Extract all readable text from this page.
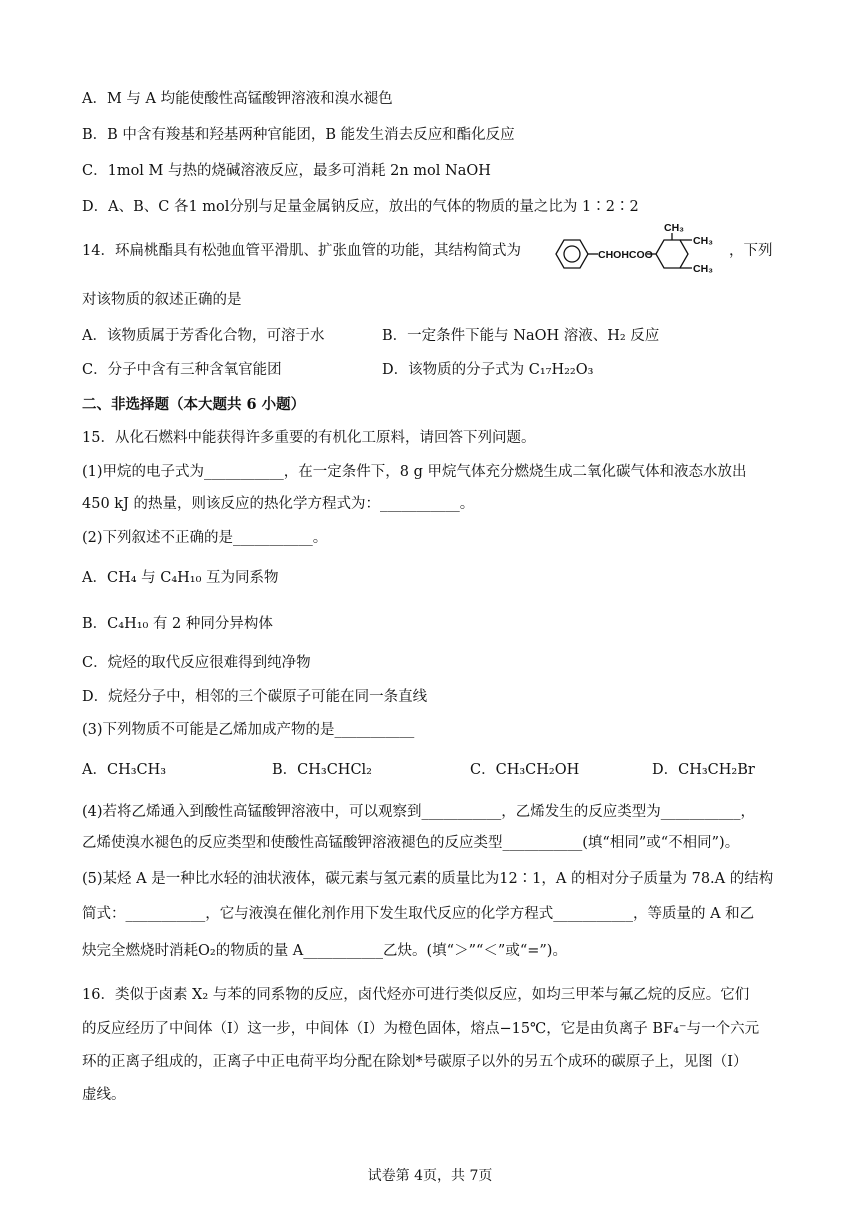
A．M 与 A 均能使酸性高锰酸钾溶液和溴水褪色
B．B 中含有羧基和羟基两种官能团，B 能发生消去反应和酯化反应
C．1mol M 与热的烧碱溶液反应，最多可消耗 2n mol NaOH
D．A、B、C 各1 mol分别与足量金属钠反应，放出的气体的物质的量之比为 1∶2∶2
14．环扁桃酯具有松弛血管平滑肌、扩张血管的功能，其结构简式为	CHOHCOO
CH₃
CH₃
CH₃
，下列
对该物质的叙述正确的是
A．该物质属于芳香化合物，可溶于水	B．一定条件下能与 NaOH 溶液、H₂ 反应
C．分子中含有三种含氧官能团	D．该物质的分子式为 C₁₇H₂₂O₃
二、非选择题（本大题共 6 小题）
15．从化石燃料中能获得许多重要的有机化工原料，请回答下列问题。
(1)甲烷的电子式为___________，在一定条件下，8 g 甲烷气体充分燃烧生成二氧化碳气体和液态水放出
450 kJ 的热量，则该反应的热化学方程式为：___________。
(2)下列叙述不正确的是___________。
A．CH₄ 与 C₄H₁₀ 互为同系物
B．C₄H₁₀ 有 2 种同分异构体
C．烷烃的取代反应很难得到纯净物
D．烷烃分子中，相邻的三个碳原子可能在同一条直线
(3)下列物质不可能是乙烯加成产物的是___________
A．CH₃CH₃	B．CH₃CHCl₂	C．CH₃CH₂OH	D．CH₃CH₂Br
(4)若将乙烯通入到酸性高锰酸钾溶液中，可以观察到___________，乙烯发生的反应类型为___________，
乙烯使溴水褪色的反应类型和使酸性高锰酸钾溶液褪色的反应类型___________(填“相同”或“不相同”)。
(5)某烃 A 是一种比水轻的油状液体，碳元素与氢元素的质量比为12∶1，A 的相对分子质量为 78.A 的结构
简式：___________，它与液溴在催化剂作用下发生取代反应的化学方程式___________，等质量的 A 和乙
炔完全燃烧时消耗O₂的物质的量 A___________乙炔。(填“＞”“＜”或“=”)。
16．类似于卤素 X₂ 与苯的同系物的反应，卤代烃亦可进行类似反应，如均三甲苯与氟乙烷的反应。它们
的反应经历了中间体（I）这一步，中间体（I）为橙色固体，熔点−15℃，它是由负离子 BF₄⁻与一个六元
环的正离子组成的，正离子中正电荷平均分配在除划*号碳原子以外的另五个成环的碳原子上，见图（I）
虚线。
试卷第 4页，共 7页
